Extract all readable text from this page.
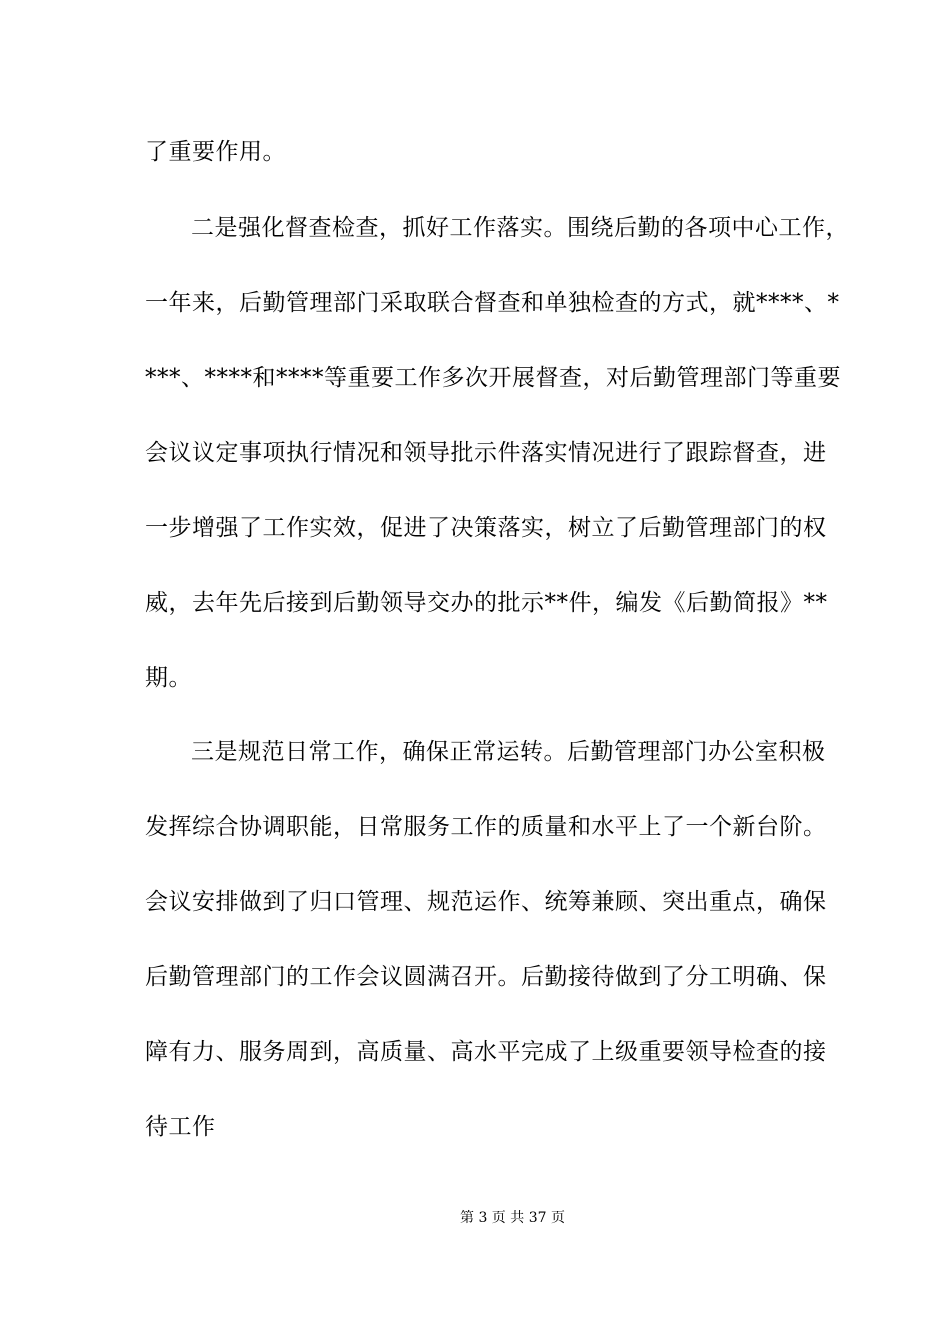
了重要作用。
二是强化督查检查，抓好工作落实。围绕后勤的各项中心工作，
一年来，后勤管理部门采取联合督查和单独检查的方式，就****、*
***、****和****等重要工作多次开展督查，对后勤管理部门等重要
会议议定事项执行情况和领导批示件落实情况进行了跟踪督查，进
一步增强了工作实效，促进了决策落实，树立了后勤管理部门的权
威，去年先后接到后勤领导交办的批示**件，编发《后勤简报》**
期。
三是规范日常工作，确保正常运转。后勤管理部门办公室积极
发挥综合协调职能，日常服务工作的质量和水平上了一个新台阶。
会议安排做到了归口管理、规范运作、统筹兼顾、突出重点，确保
后勤管理部门的工作会议圆满召开。后勤接待做到了分工明确、保
障有力、服务周到，高质量、高水平完成了上级重要领导检查的接
待工作
第 3 页 共 37 页
